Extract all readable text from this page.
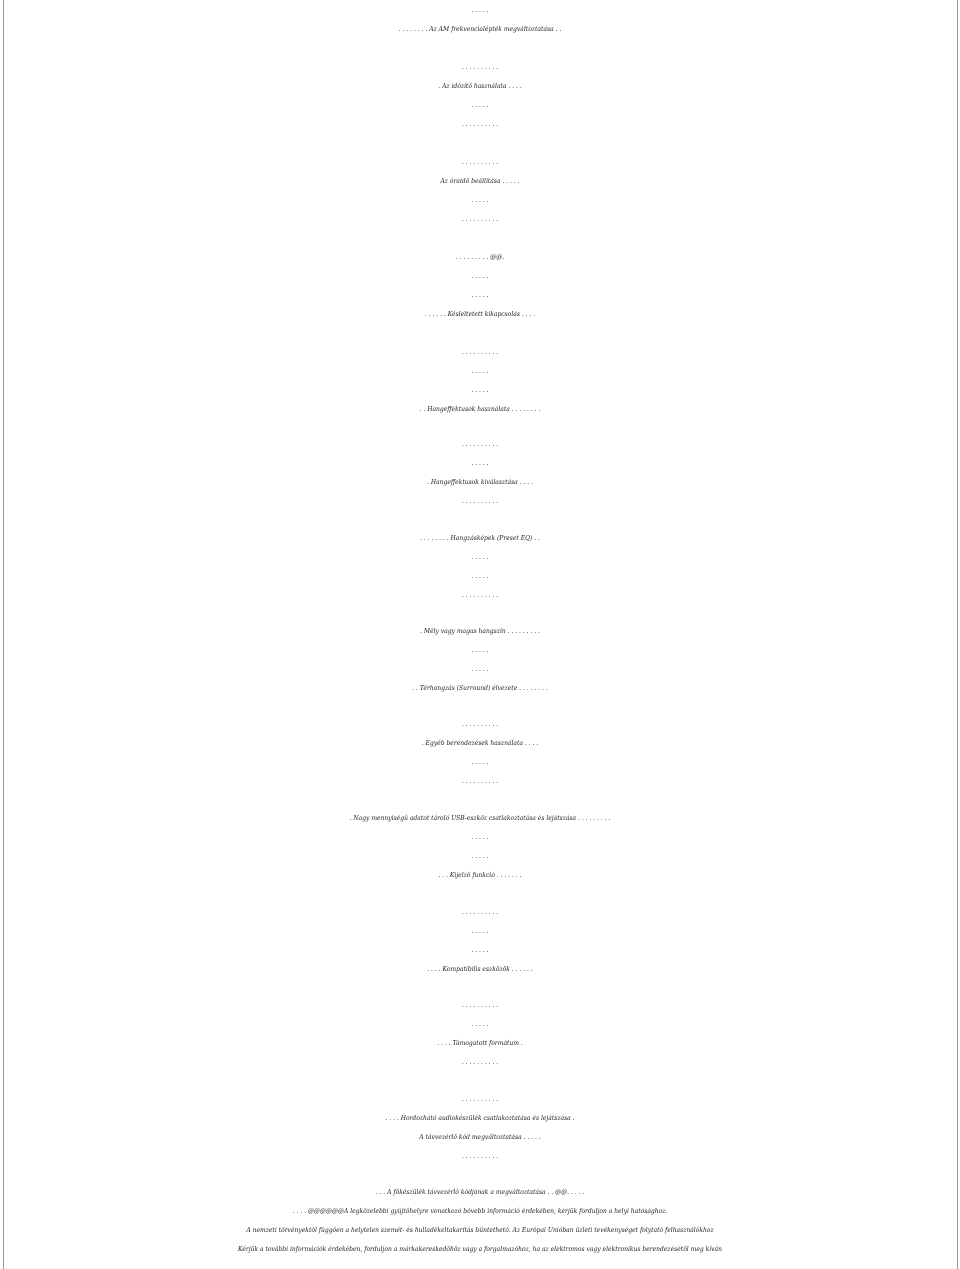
. . . . .
. . . . . . . . Az AM frekvencialépték megváltoztatása . .
. . . . . . . . . .
. Az idôzítô használata . . . .
. . . . .
. . . . . . . . . .
. . . . . . . . . .
Az óraidô beállítása . . . . .
. . . . .
. . . . . . . . . .
. . . . . . . . . @@.
. . . . .
. . . . .
. . . . . . Késleltetett kikapcsolás . . . .
. . . . . . . . . .
. . . . .
. . . . .
. . Hangeffektusok használata . . . . . . . .
. . . . . . . . . .
. . . . .
. Hangeffektusok kiválasztása . . . .
. . . . . . . . . .
. . . . . . . . Hangzásképek (Preset EQ) . .
. . . . .
. . . . .
. . . . . . . . . .
. Mély vagy magas hangszín . . . . . . . . .
. . . . .
. . . . .
. . Térhangzás (Surround) élvezete . . . . . . . .
. . . . . . . . . .
. Egyéb berendezések használata . . . .
. . . . .
. . . . . . . . . .
. Nagy mennyiségû adatot tároló USB-eszköz csatlakoztatása és lejátszása . . . . . . . . .
. . . . .
. . . . .
. . . Kijelzô funkció . . . . . . .
. . . . . . . . . .
. . . . .
. . . . .
. . . . Kompatibilis eszközök . . . . . .
. . . . . . . . . .
. . . . .
. . . . Támogatott formátum .
. . . . . . . . . .
. . . . . . . . . .
. . . . Hordozható audiokészülék csatlakoztatása és lejátszása .
A távvezérlô kód megváltoztatása . . . . .
. . . . . . . . . .
. . . A fôkészülék távvezérlô kódjának a megváltoztatása . . @@. . . . .
. . . . @@@@@@A legközelebbi gyûjtôhelyre vonatkozó bôvebb információ érdekében, kérjük forduljon a helyi hatósághoz.
A nemzeti törvényektôl függôen a helytelen szemét- és hulladékeltakarítás büntethetô. Az Európai Unióban üzleti tevékenységet folytató felhasználókhoz
Kérjük a további információk érdekében, forduljon a márkakereskedôhöz vagy a forgalmazóhoz, ha az elektromos vagy elektronikus berendezésétôl meg kíván
